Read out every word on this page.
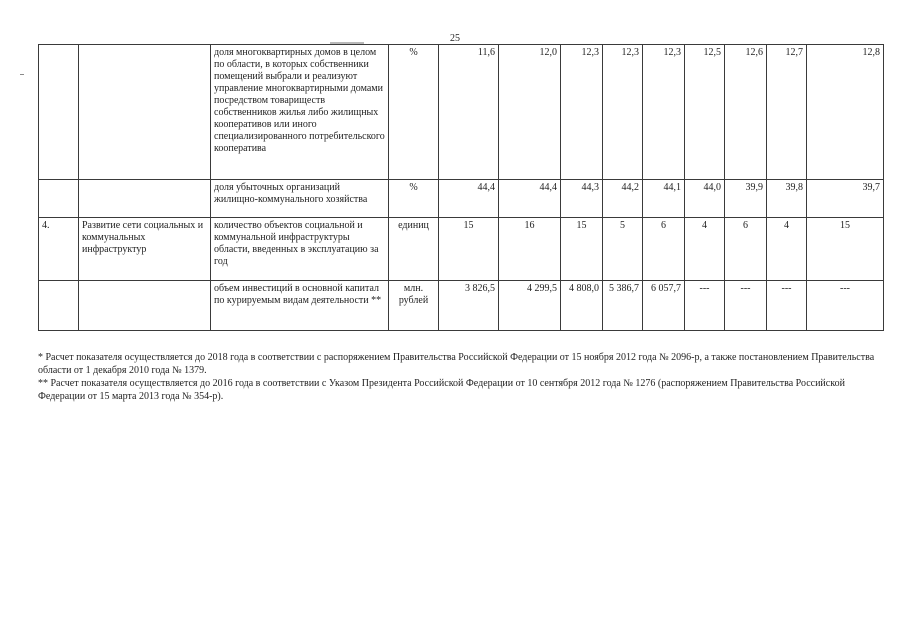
25
		доля многоквартирных домов в целом по области, в которых собственники помещений выбрали и реализуют управление многоквартирными домами посредством товариществ собственников жилья либо жилищных кооперативов или иного специализированного потребительского кооператива	%	11,6	12,0	12,3	12,3	12,3	12,5	12,6	12,7	12,8
		доля убыточных организаций жилищно-коммунального хозяйства	%	44,4	44,4	44,3	44,2	44,1	44,0	39,9	39,8	39,7
4.	Развитие сети социальных и коммунальных инфраструктур	количество объектов социальной и коммунальной инфраструктуры области, введенных в эксплуатацию за год	единиц	15	16	15	5	6	4	6	4	15
		объем инвестиций в основной капитал по курируемым видам деятельности **	млн. рублей	3 826,5	4 299,5	4 808,0	5 386,7	6 057,7	---	---	---	---

* Расчет показателя осуществляется до 2018 года в соответствии с распоряжением Правительства Российской Федерации от 15 ноября 2012 года № 2096-р, а также постановлением Правительства области от 1 декабря 2010 года № 1379.

** Расчет показателя осуществляется до 2016 года в соответствии с Указом Президента Российской Федерации от 10 сентября 2012 года № 1276 (распоряжением Правительства Российской Федерации от 15 марта 2013 года № 354-р).
